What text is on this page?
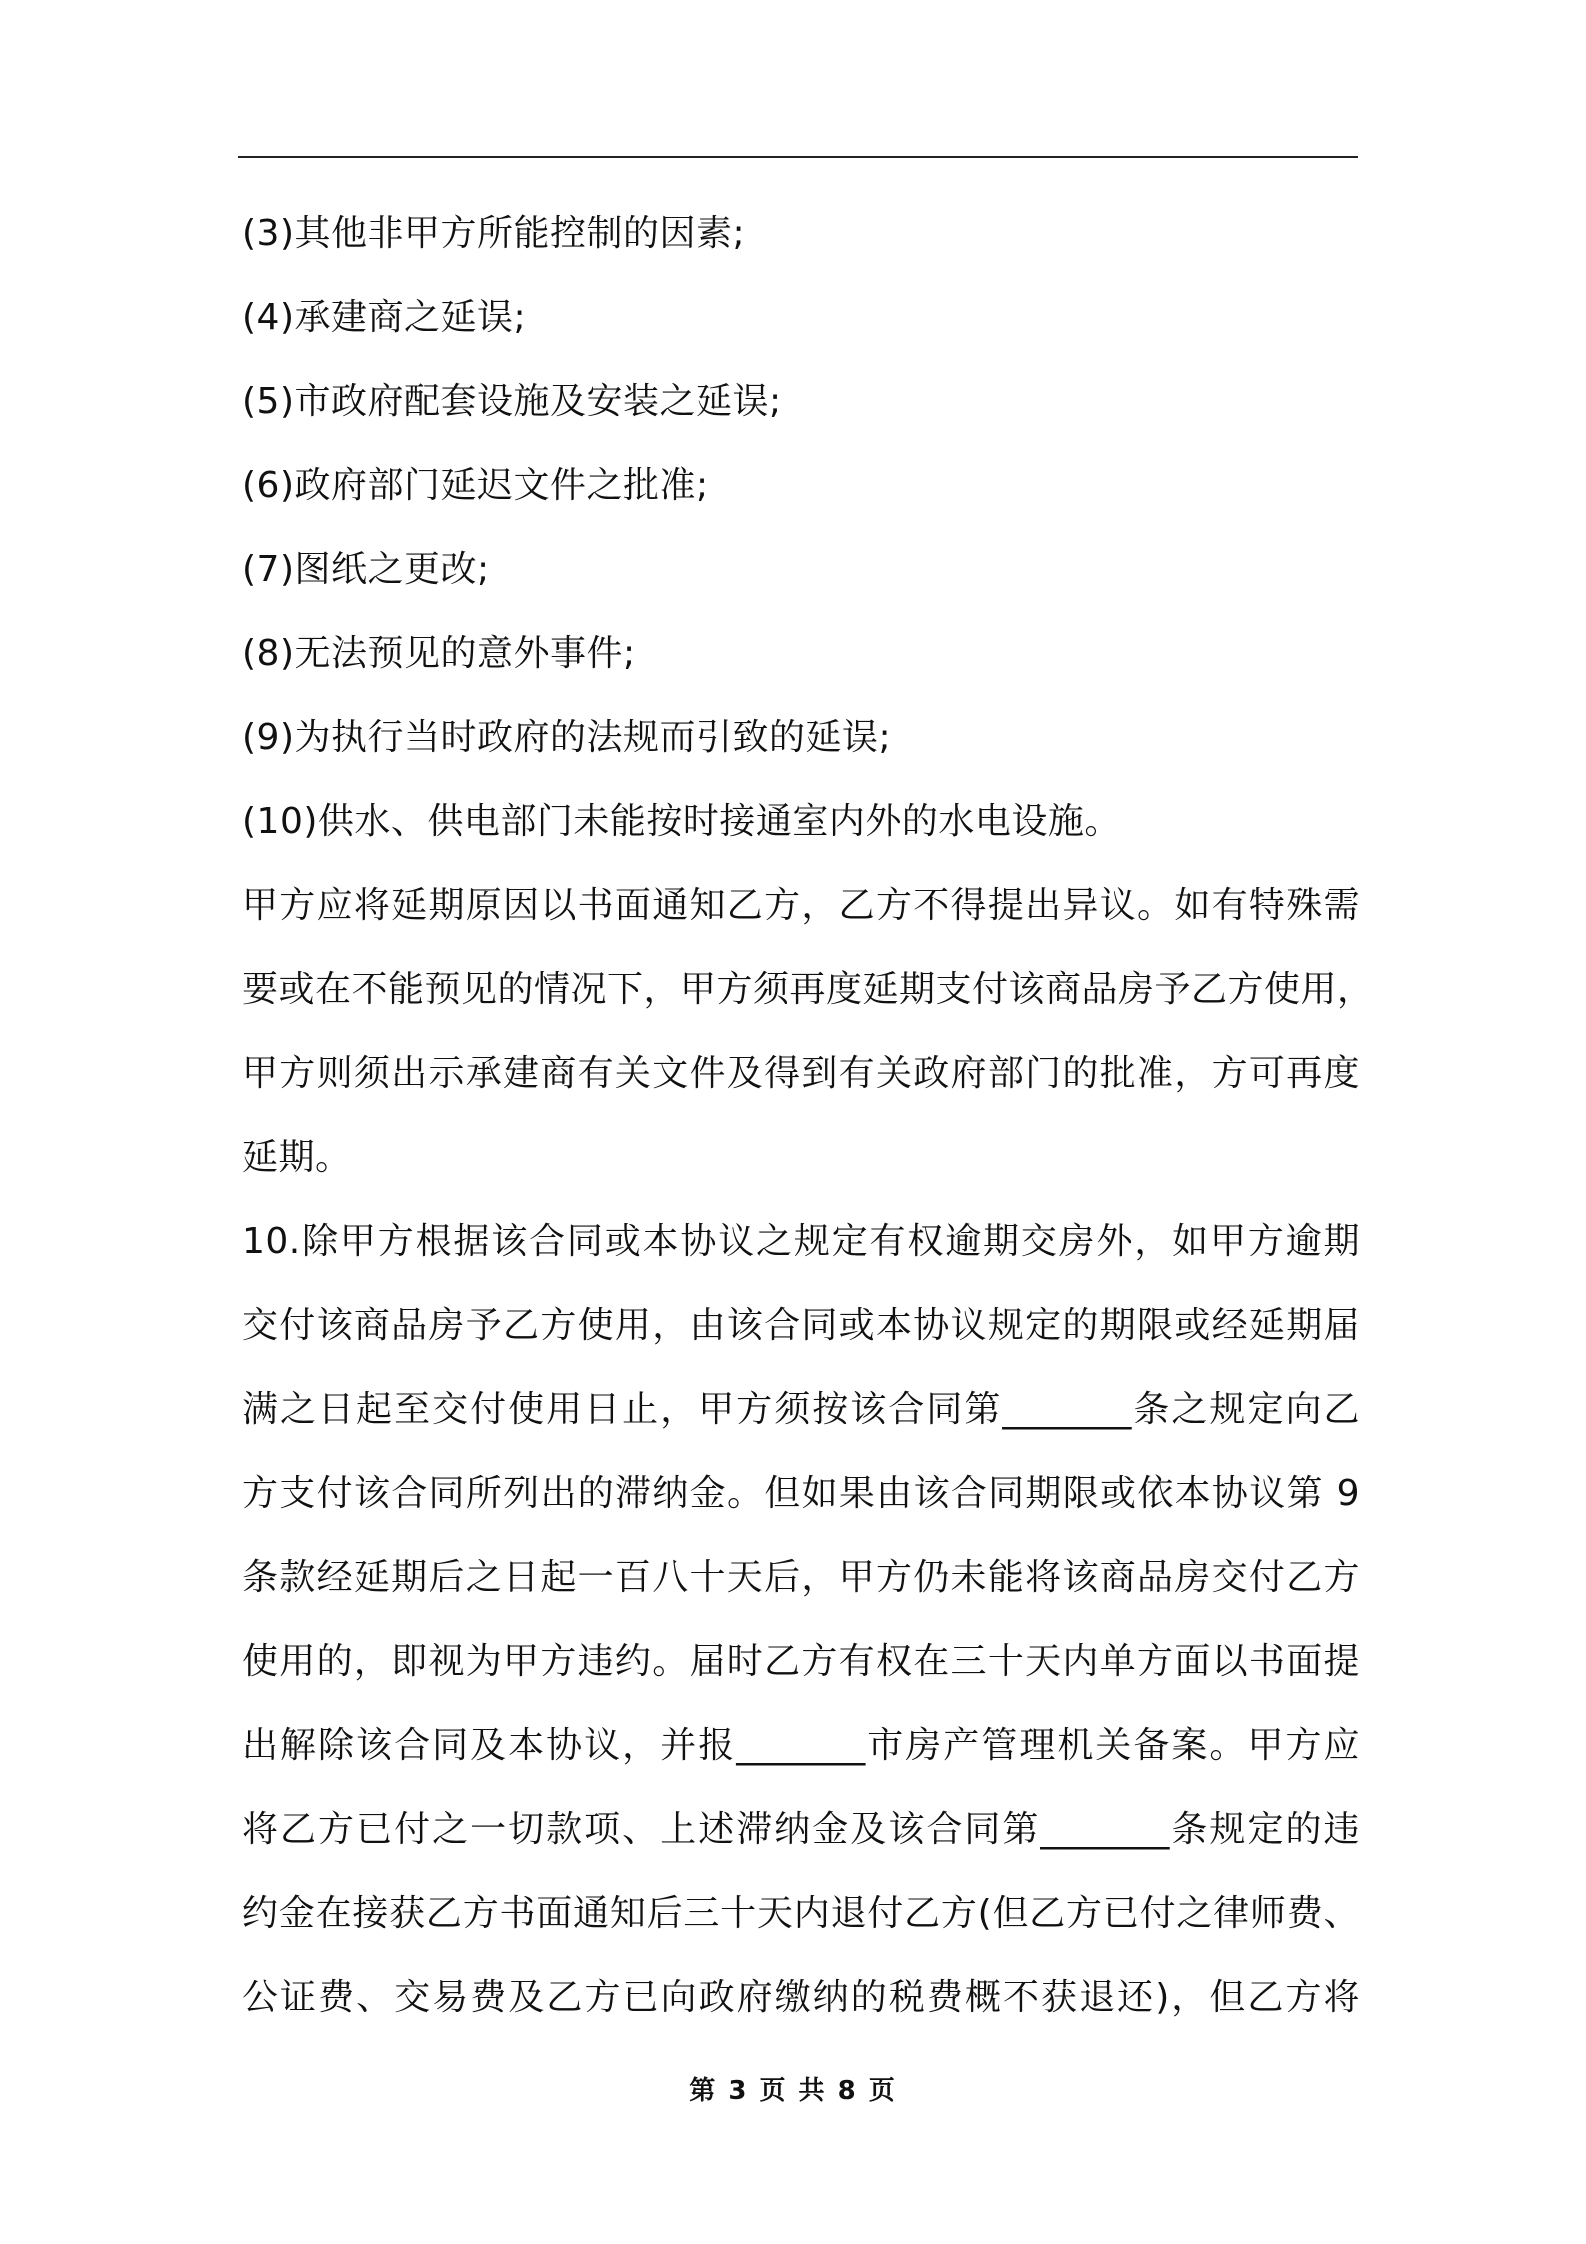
(3)其他非甲方所能控制的因素;
(4)承建商之延误;
(5)市政府配套设施及安装之延误;
(6)政府部门延迟文件之批准;
(7)图纸之更改;
(8)无法预见的意外事件;
(9)为执行当时政府的法规而引致的延误;
(10)供水、供电部门未能按时接通室内外的水电设施。
甲方应将延期原因以书面通知乙方，乙方不得提出异议。如有特殊需
要或在不能预见的情况下，甲方须再度延期支付该商品房予乙方使用，
甲方则须出示承建商有关文件及得到有关政府部门的批准，方可再度
延期。
10.除甲方根据该合同或本协议之规定有权逾期交房外，如甲方逾期
交付该商品房予乙方使用，由该合同或本协议规定的期限或经延期届
满之日起至交付使用日止，甲方须按该合同第_______条之规定向乙
方支付该合同所列出的滞纳金。但如果由该合同期限或依本协议第 9
条款经延期后之日起一百八十天后，甲方仍未能将该商品房交付乙方
使用的，即视为甲方违约。届时乙方有权在三十天内单方面以书面提
出解除该合同及本协议，并报_______市房产管理机关备案。甲方应
将乙方已付之一切款项、上述滞纳金及该合同第_______条规定的违
约金在接获乙方书面通知后三十天内退付乙方(但乙方已付之律师费、
公证费、交易费及乙方已向政府缴纳的税费概不获退还)，但乙方将
第 3 页 共 8 页
